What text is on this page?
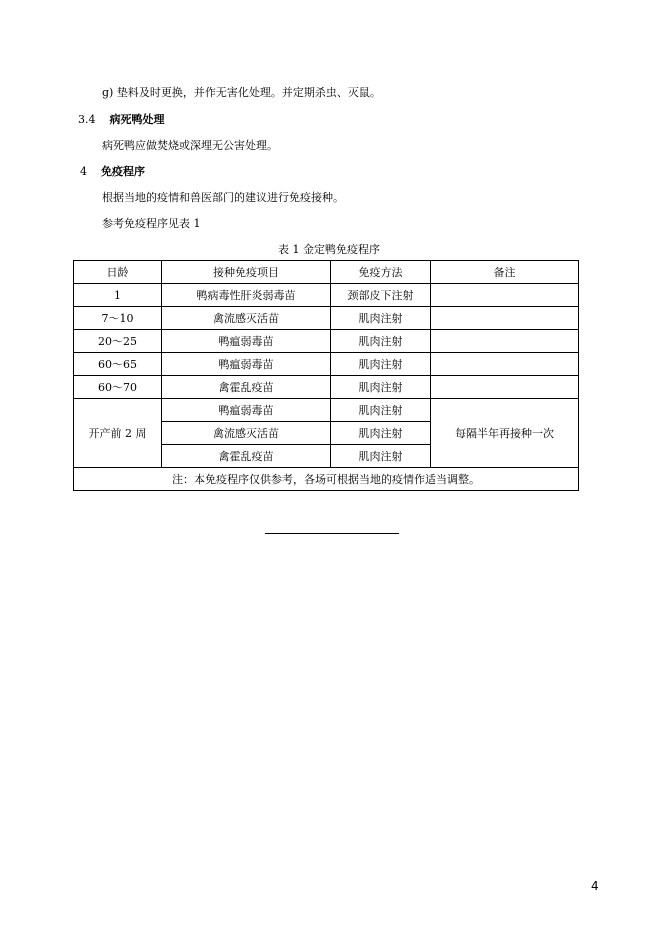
g) 垫料及时更换，并作无害化处理。并定期杀虫、灭鼠。
3.4 病死鸭处理
病死鸭应做焚烧或深埋无公害处理。
4 免疫程序
根据当地的疫情和兽医部门的建议进行免疫接种。
参考免疫程序见表 1
表 1 金定鸭免疫程序
日龄	接种免疫项目	免疫方法	备注
1	鸭病毒性肝炎弱毒苗	颈部皮下注射	
7～10	禽流感灭活苗	肌肉注射	
20～25	鸭瘟弱毒苗	肌肉注射	
60～65	鸭瘟弱毒苗	肌肉注射	
60～70	禽霍乱疫苗	肌肉注射	
开产前 2 周	鸭瘟弱毒苗	肌肉注射	每隔半年再接种一次
	禽流感灭活苗	肌肉注射	
	禽霍乱疫苗	肌肉注射	
注：本免疫程序仅供参考，各场可根据当地的疫情作适当调整。			
4
